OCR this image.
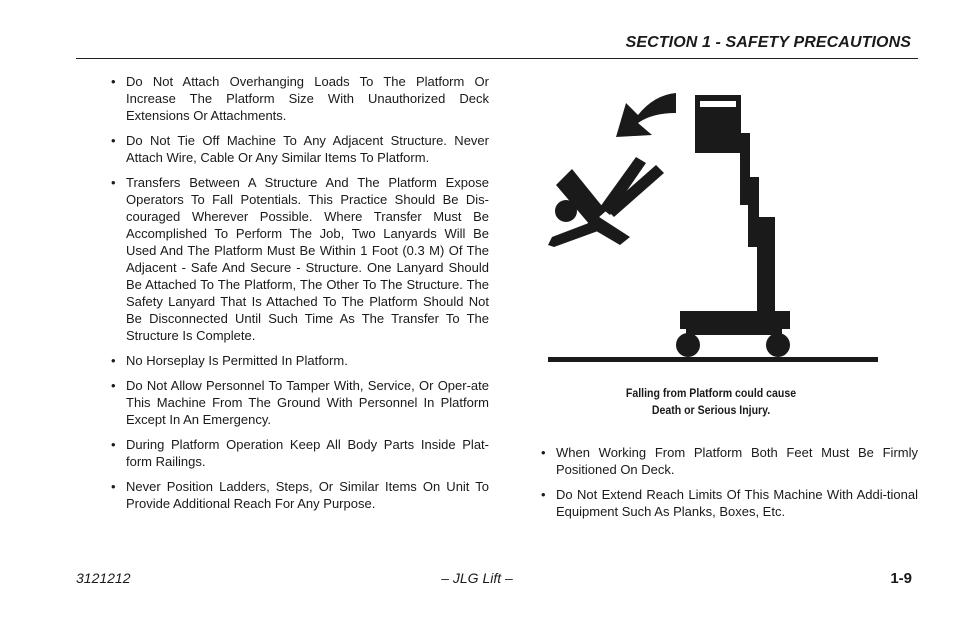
SECTION 1 - SAFETY PRECAUTIONS
• Do Not Attach Overhanging Loads To The Platform Or Increase The Platform Size With Unauthorized Deck Extensions Or Attachments.
• Do Not Tie Off Machine To Any Adjacent Structure. Never Attach Wire, Cable Or Any Similar Items To Platform.
• Transfers Between A Structure And The Platform Expose Operators To Fall Potentials. This Practice Should Be Dis-couraged Wherever Possible. Where Transfer Must Be Accomplished To Perform The Job, Two Lanyards Will Be Used And The Platform Must Be Within 1 Foot (0.3 M) Of The Adjacent - Safe And Secure - Structure. One Lanyard Should Be Attached To The Platform, The Other To The Structure. The Safety Lanyard That Is Attached To The Platform Should Not Be Disconnected Until Such Time As The Transfer To The Structure Is Complete.
• No Horseplay Is Permitted In Platform.
• Do Not Allow Personnel To Tamper With, Service, Or Oper-ate This Machine From The Ground With Personnel In Platform Except In An Emergency.
• During Platform Operation Keep All Body Parts Inside Plat-form Railings.
• Never Position Ladders, Steps, Or Similar Items On Unit To Provide Additional Reach For Any Purpose.
Falling from Platform could cause
Death or Serious Injury.
• When Working From Platform Both Feet Must Be Firmly Positioned On Deck.
• Do Not Extend Reach Limits Of This Machine With Addi-tional Equipment Such As Planks, Boxes, Etc.
3121212	– JLG Lift –	1-9
